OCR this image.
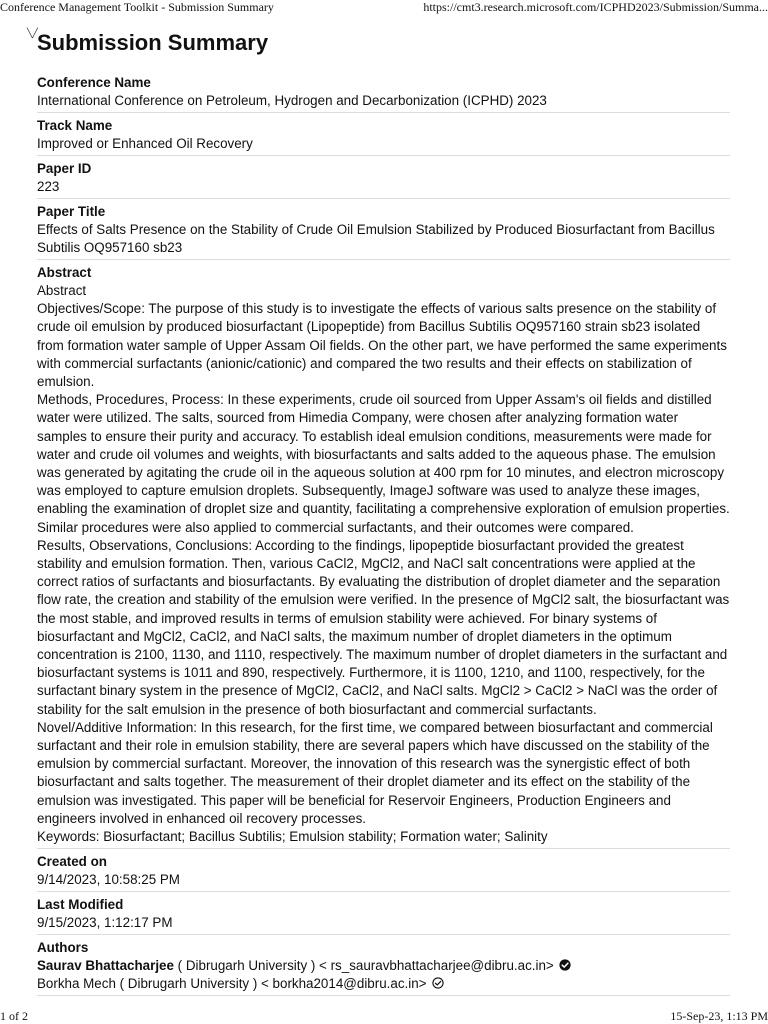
Conference Management Toolkit - Submission Summary	https://cmt3.research.microsoft.com/ICPHD2023/Submission/Summa...
╲╱ Submission Summary
Conference Name
International Conference on Petroleum, Hydrogen and Decarbonization (ICPHD) 2023
Track Name
Improved or Enhanced Oil Recovery
Paper ID
223
Paper Title
Effects of Salts Presence on the Stability of Crude Oil Emulsion Stabilized by Produced Biosurfactant from Bacillus Subtilis OQ957160 sb23
Abstract
Abstract
Objectives/Scope: The purpose of this study is to investigate the effects of various salts presence on the stability of crude oil emulsion by produced biosurfactant (Lipopeptide) from Bacillus Subtilis OQ957160 strain sb23 isolated from formation water sample of Upper Assam Oil fields. On the other part, we have performed the same experiments with commercial surfactants (anionic/cationic) and compared the two results and their effects on stabilization of emulsion.
Methods, Procedures, Process: In these experiments, crude oil sourced from Upper Assam's oil fields and distilled water were utilized. The salts, sourced from Himedia Company, were chosen after analyzing formation water samples to ensure their purity and accuracy. To establish ideal emulsion conditions, measurements were made for water and crude oil volumes and weights, with biosurfactants and salts added to the aqueous phase. The emulsion was generated by agitating the crude oil in the aqueous solution at 400 rpm for 10 minutes, and electron microscopy was employed to capture emulsion droplets. Subsequently, ImageJ software was used to analyze these images, enabling the examination of droplet size and quantity, facilitating a comprehensive exploration of emulsion properties. Similar procedures were also applied to commercial surfactants, and their outcomes were compared.
Results, Observations, Conclusions: According to the findings, lipopeptide biosurfactant provided the greatest stability and emulsion formation. Then, various CaCl2, MgCl2, and NaCl salt concentrations were applied at the correct ratios of surfactants and biosurfactants. By evaluating the distribution of droplet diameter and the separation flow rate, the creation and stability of the emulsion were verified. In the presence of MgCl2 salt, the biosurfactant was the most stable, and improved results in terms of emulsion stability were achieved. For binary systems of biosurfactant and MgCl2, CaCl2, and NaCl salts, the maximum number of droplet diameters in the optimum concentration is 2100, 1130, and 1110, respectively. The maximum number of droplet diameters in the surfactant and biosurfactant systems is 1011 and 890, respectively. Furthermore, it is 1100, 1210, and 1100, respectively, for the surfactant binary system in the presence of MgCl2, CaCl2, and NaCl salts. MgCl2 > CaCl2 > NaCl was the order of stability for the salt emulsion in the presence of both biosurfactant and commercial surfactants.
Novel/Additive Information: In this research, for the first time, we compared between biosurfactant and commercial surfactant and their role in emulsion stability, there are several papers which have discussed on the stability of the emulsion by commercial surfactant. Moreover, the innovation of this research was the synergistic effect of both biosurfactant and salts together. The measurement of their droplet diameter and its effect on the stability of the emulsion was investigated. This paper will be beneficial for Reservoir Engineers, Production Engineers and engineers involved in enhanced oil recovery processes.
Keywords: Biosurfactant; Bacillus Subtilis; Emulsion stability; Formation water; Salinity
Created on
9/14/2023, 10:58:25 PM
Last Modified
9/15/2023, 1:12:17 PM
Authors
Saurav Bhattacharjee ( Dibrugarh University ) < rs_sauravbhattacharjee@dibru.ac.in>
Borkha Mech ( Dibrugarh University ) < borkha2014@dibru.ac.in>
1 of 2	15-Sep-23, 1:13 PM
